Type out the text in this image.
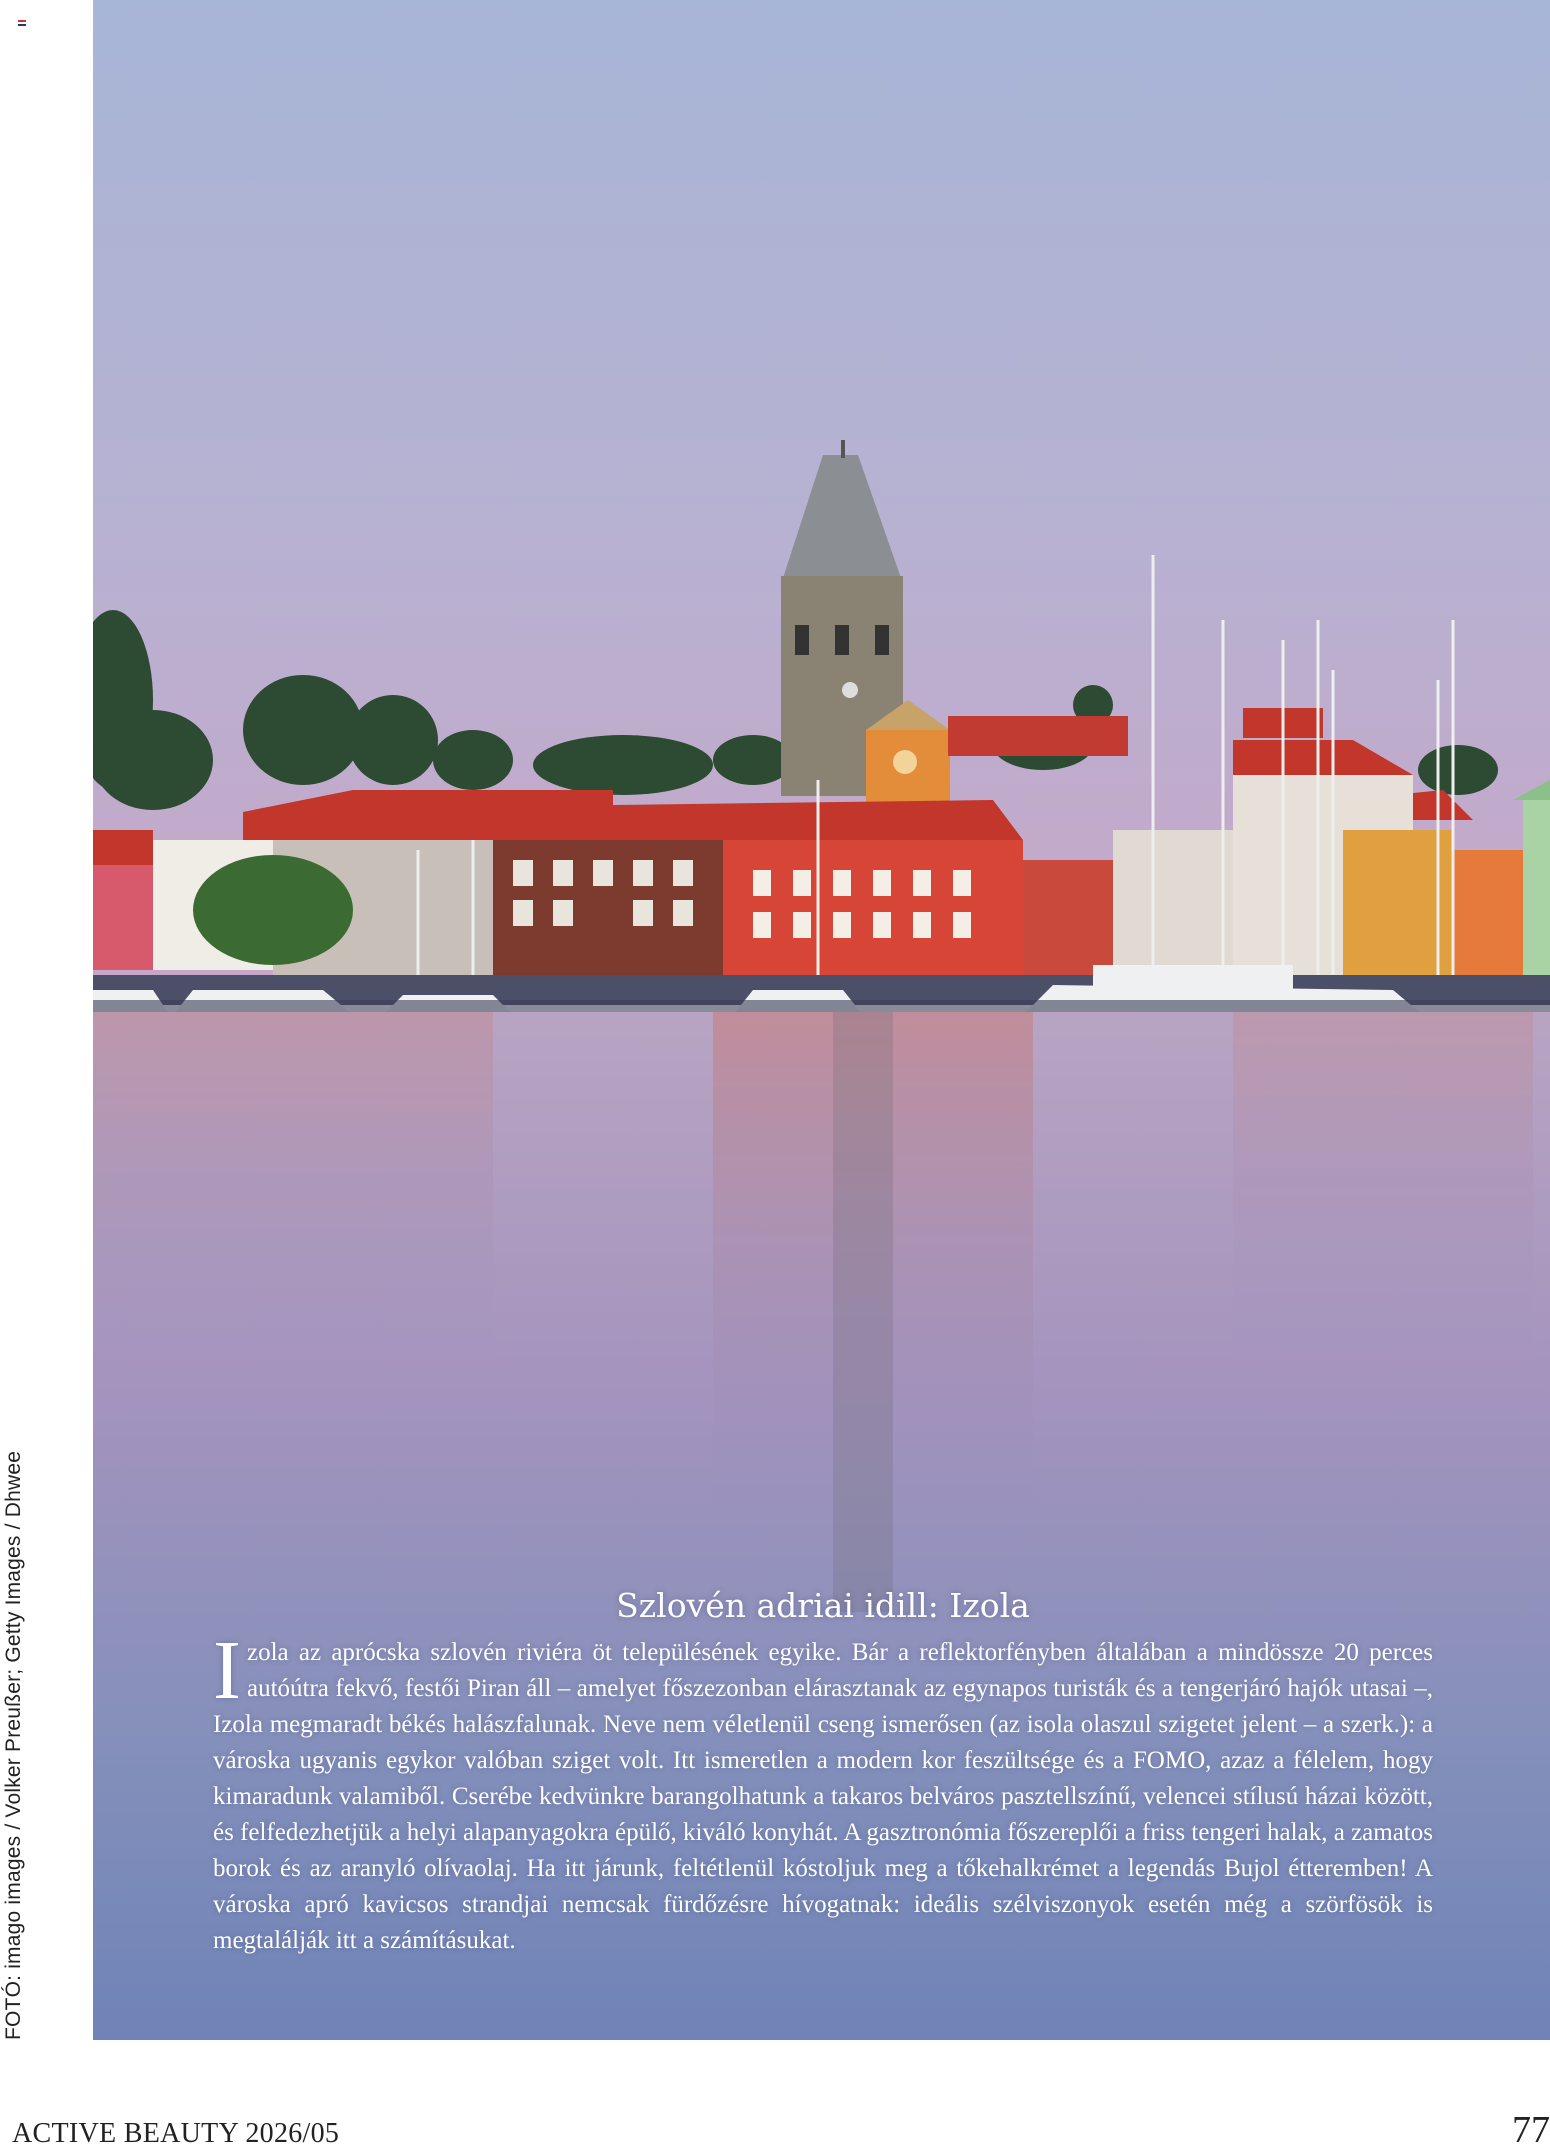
FOTÓ: imago images / Volker Preußer; Getty Images / Dhwee	Szlovén adriai idill: Izola

Izola az aprócska szlovén riviéra öt településének egyike. Bár a reflektorfényben általában a mindössze 20 perces autóútra fekvő, festői Piran áll – amelyet főszezonban elárasztanak az egynapos turisták és a tengerjáró hajók utasai –, Izola megmaradt békés halászfalunak. Neve nem véletlenül cseng ismerősen (az isola olaszul szigetet jelent – a szerk.): a városka ugyanis egykor valóban sziget volt. Itt ismeretlen a modern kor feszültsége és a FOMO, azaz a félelem, hogy kimaradunk valamiből. Cserébe kedvünkre barangolhatunk a takaros belváros pasztellszínű, velencei stílusú házai között, és felfedezhetjük a helyi alapanyagokra épülő, kiváló konyhát. A gasztronómia főszereplői a friss tengeri halak, a zamatos borok és az aranyló olívaolaj. Ha itt járunk, feltétlenül kóstoljuk meg a tőkehalkrémet a legendás Bujol étteremben! A városka apró kavicsos strandjai nemcsak fürdőzésre hívogatnak: ideális szélviszonyok esetén még a szörfösök is megtalálják itt a számításukat.

ACTIVE BEAUTY 2026/05	77
